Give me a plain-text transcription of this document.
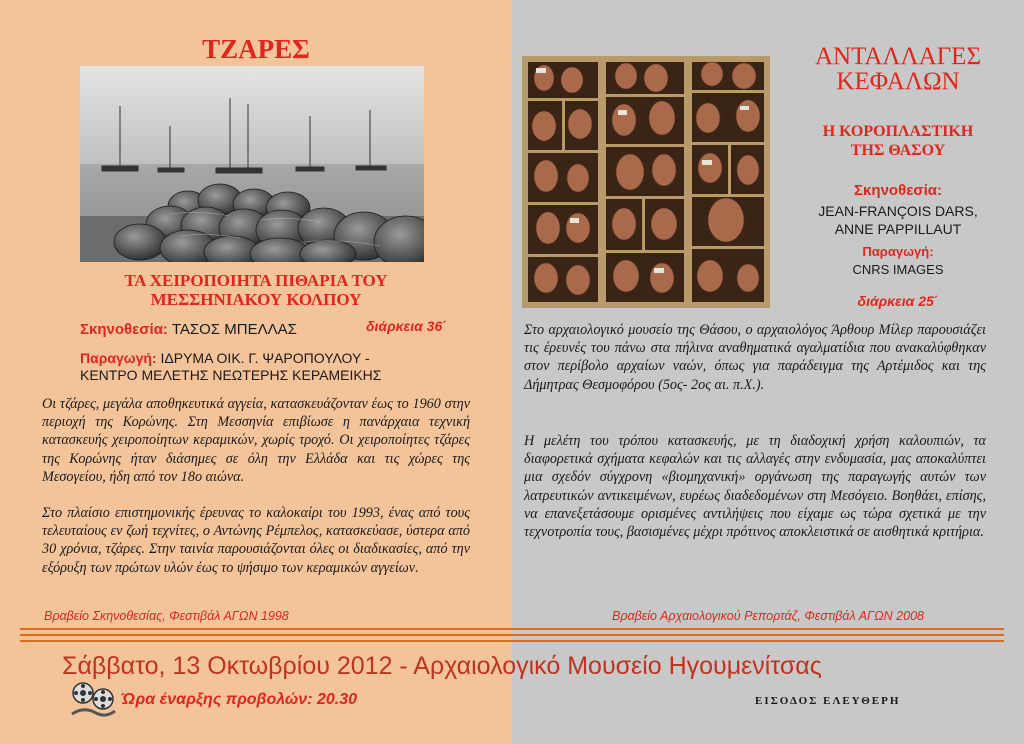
ΤΖΑΡΕΣ
ΤΑ ΧΕΙΡΟΠΟΙΗΤΑ ΠΙΘΑΡΙΑ ΤΟΥ
ΜΕΣΣΗΝΙΑΚΟΥ ΚΟΛΠΟΥ
Σκηνοθεσία: ΤΑΣΟΣ ΜΠΕΛΛΑΣ	διάρκεια 36΄
Παραγωγή: ΙΔΡΥΜΑ ΟΙΚ. Γ. ΨΑΡΟΠΟΥΛΟΥ -
ΚΕΝΤΡΟ ΜΕΛΕΤΗΣ ΝΕΩΤΕΡΗΣ ΚΕΡΑΜΕΙΚΗΣ
Οι τζάρες, μεγάλα αποθηκευτικά αγγεία, κατασκευάζονταν έως το 1960 στην περιοχή της Κορώνης. Στη Μεσσηνία επιβίωσε η πανάρχαια τεχνική κατασκευής χειροποίητων κεραμικών, χωρίς τροχό. Οι χειροποίητες τζάρες της Κορώνης ήταν διάσημες σε όλη την Ελλάδα και τις χώρες της Μεσογείου, ήδη από τον 18ο αιώνα.
Στο πλαίσιο επιστημονικής έρευνας το καλοκαίρι του 1993, ένας από τους τελευταίους εν ζωή τεχνίτες, ο Αντώνης Ρέμπελος, κατασκεύασε, ύστερα από 30 χρόνια, τζάρες. Στην ταινία παρουσιάζονται όλες οι διαδικασίες, από την εξόρυξη των πρώτων υλών έως το ψήσιμο των κεραμικών αγγείων.
Βραβείο Σκηνοθεσίας, Φεστιβάλ ΑΓΩΝ 1998
ΑΝΤΑΛΛΑΓΕΣ
ΚΕΦΑΛΩΝ
Η ΚΟΡΟΠΛΑΣΤΙΚΗ
ΤΗΣ ΘΑΣΟΥ
Σκηνοθεσία:
JEAN-FRANÇOIS DARS,
ANNE PAPPILLAUT
Παραγωγή:
CNRS IMAGES
διάρκεια 25΄
Στο αρχαιολογικό μουσείο της Θάσου, ο αρχαιολόγος Άρθουρ Μίλερ παρουσιάζει τις έρευνές του πάνω στα πήλινα αναθηματικά αγαλματίδια που ανακαλύφθηκαν στον περίβολο αρχαίων ναών, όπως για παράδειγμα της Αρτέμιδος και της Δήμητρας Θεσμοφόρου (5ος- 2ος αι. π.Χ.).
Η μελέτη του τρόπου κατασκευής, με τη διαδοχική χρήση καλουπιών, τα διαφορετικά σχήματα κεφαλών και τις αλλαγές στην ενδυμασία, μας αποκαλύπτει μια σχεδόν σύγχρονη «βιομηχανική» οργάνωση της παραγωγής αυτών των λατρευτικών αντικειμένων, ευρέως διαδεδομένων στη Μεσόγειο. Βοηθάει, επίσης, να επανεξετάσουμε ορισμένες αντιλήψεις που είχαμε ως τώρα σχετικά με την τεχνοτροπία τους, βασισμένες μέχρι πρότινος αποκλειστικά σε αισθητικά κριτήρια.
Βραβείο Αρχαιολογικού Ρεπορτάζ, Φεστιβάλ ΑΓΩΝ 2008
Σάββατο, 13 Οκτωβρίου 2012 - Αρχαιολογικό Μουσείο Ηγουμενίτσας
Ώρα έναρξης προβολών: 20.30	ΕΙΣΟΔΟΣ ΕΛΕΥΘΕΡΗ
